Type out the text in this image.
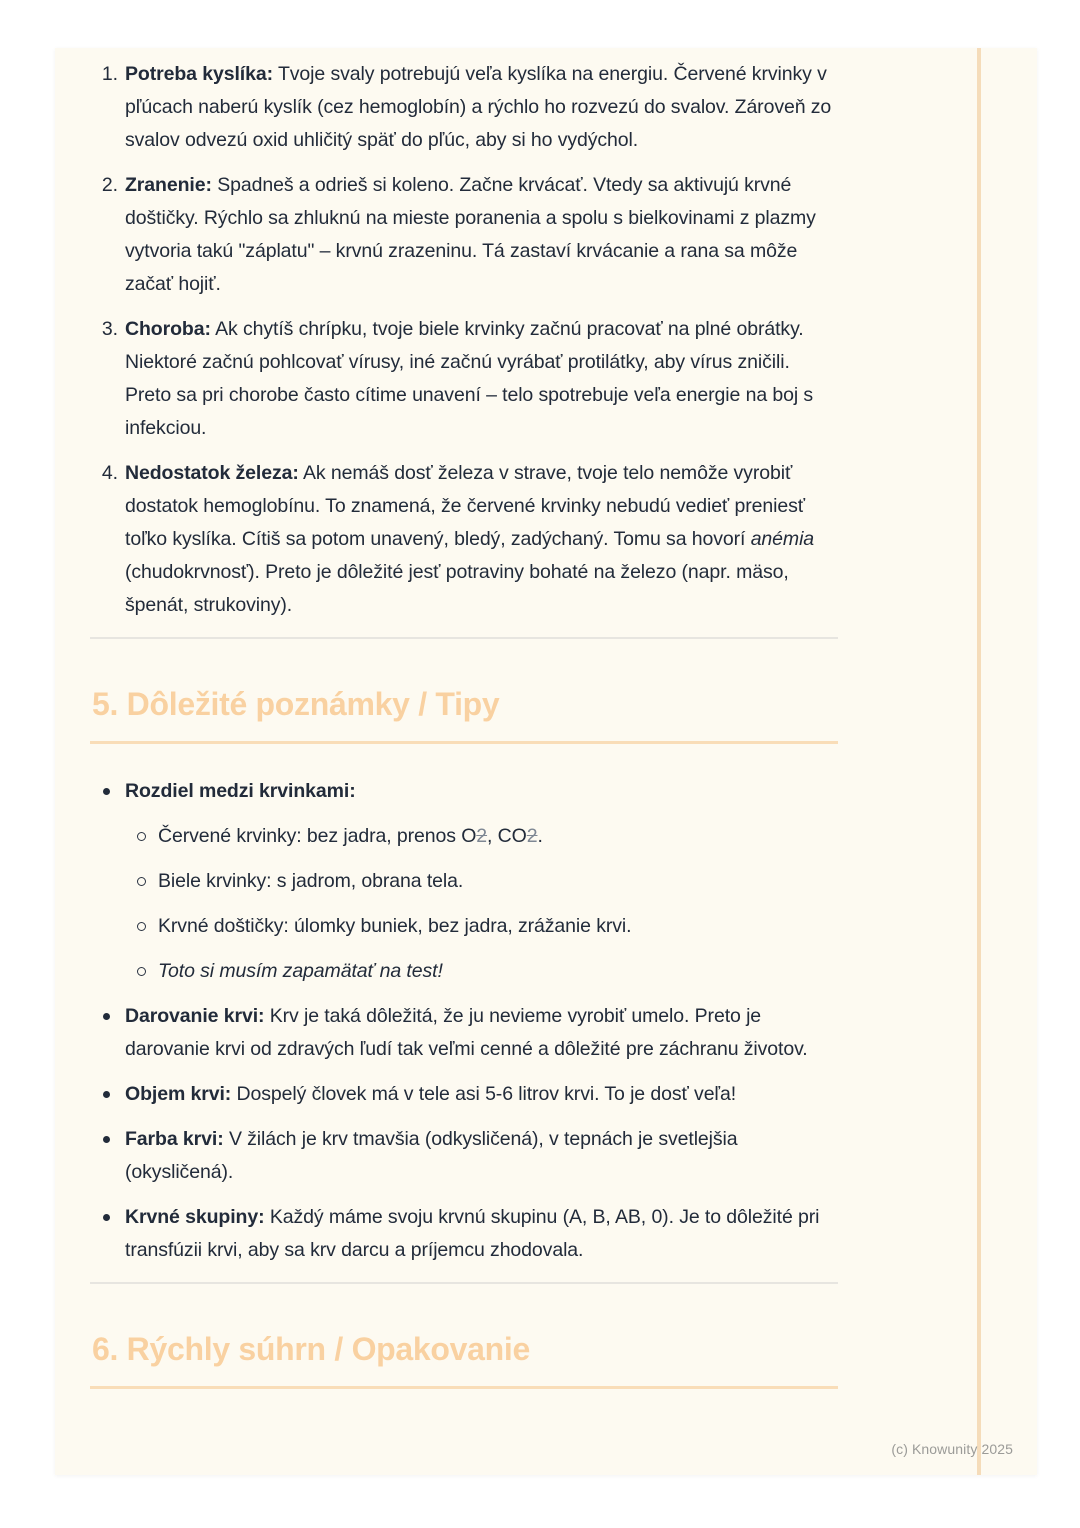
1. Potreba kyslíka: Tvoje svaly potrebujú veľa kyslíka na energiu. Červené krvinky v pľúcach naberú kyslík (cez hemoglobín) a rýchlo ho rozvezú do svalov. Zároveň zo svalov odvezú oxid uhličitý späť do pľúc, aby si ho vydýchol.
2. Zranenie: Spadneš a odrieš si koleno. Začne krvácať. Vtedy sa aktivujú krvné doštičky. Rýchlo sa zhluknú na mieste poranenia a spolu s bielkovinami z plazmy vytvoria takú "záplatu" – krvnú zrazeninu. Tá zastaví krvácanie a rana sa môže začať hojiť.
3. Choroba: Ak chytíš chrípku, tvoje biele krvinky začnú pracovať na plné obrátky. Niektoré začnú pohlcovať vírusy, iné začnú vyrábať protilátky, aby vírus zničili. Preto sa pri chorobe často cítime unavení – telo spotrebuje veľa energie na boj s infekciou.
4. Nedostatok železa: Ak nemáš dosť železa v strave, tvoje telo nemôže vyrobiť dostatok hemoglobínu. To znamená, že červené krvinky nebudú vedieť preniesť toľko kyslíka. Cítiš sa potom unavený, bledý, zadýchaný. Tomu sa hovorí anémia (chudokrvnosť). Preto je dôležité jesť potraviny bohaté na železo (napr. mäso, špenát, strukoviny).
5. Dôležité poznámky / Tipy
Rozdiel medzi krvinkami:
Červené krvinky: bez jadra, prenos O2, CO2.
Biele krvinky: s jadrom, obrana tela.
Krvné doštičky: úlomky buniek, bez jadra, zrážanie krvi.
Toto si musím zapamätať na test!
Darovanie krvi: Krv je taká dôležitá, že ju nevieme vyrobiť umelo. Preto je darovanie krvi od zdravých ľudí tak veľmi cenné a dôležité pre záchranu životov.
Objem krvi: Dospelý človek má v tele asi 5-6 litrov krvi. To je dosť veľa!
Farba krvi: V žilách je krv tmavšia (odkysličená), v tepnách je svetlejšia (okysličená).
Krvné skupiny: Každý máme svoju krvnú skupinu (A, B, AB, 0). Je to dôležité pri transfúzii krvi, aby sa krv darcu a príjemcu zhodovala.
6. Rýchly súhrn / Opakovanie
(c) Knowunity 2025
